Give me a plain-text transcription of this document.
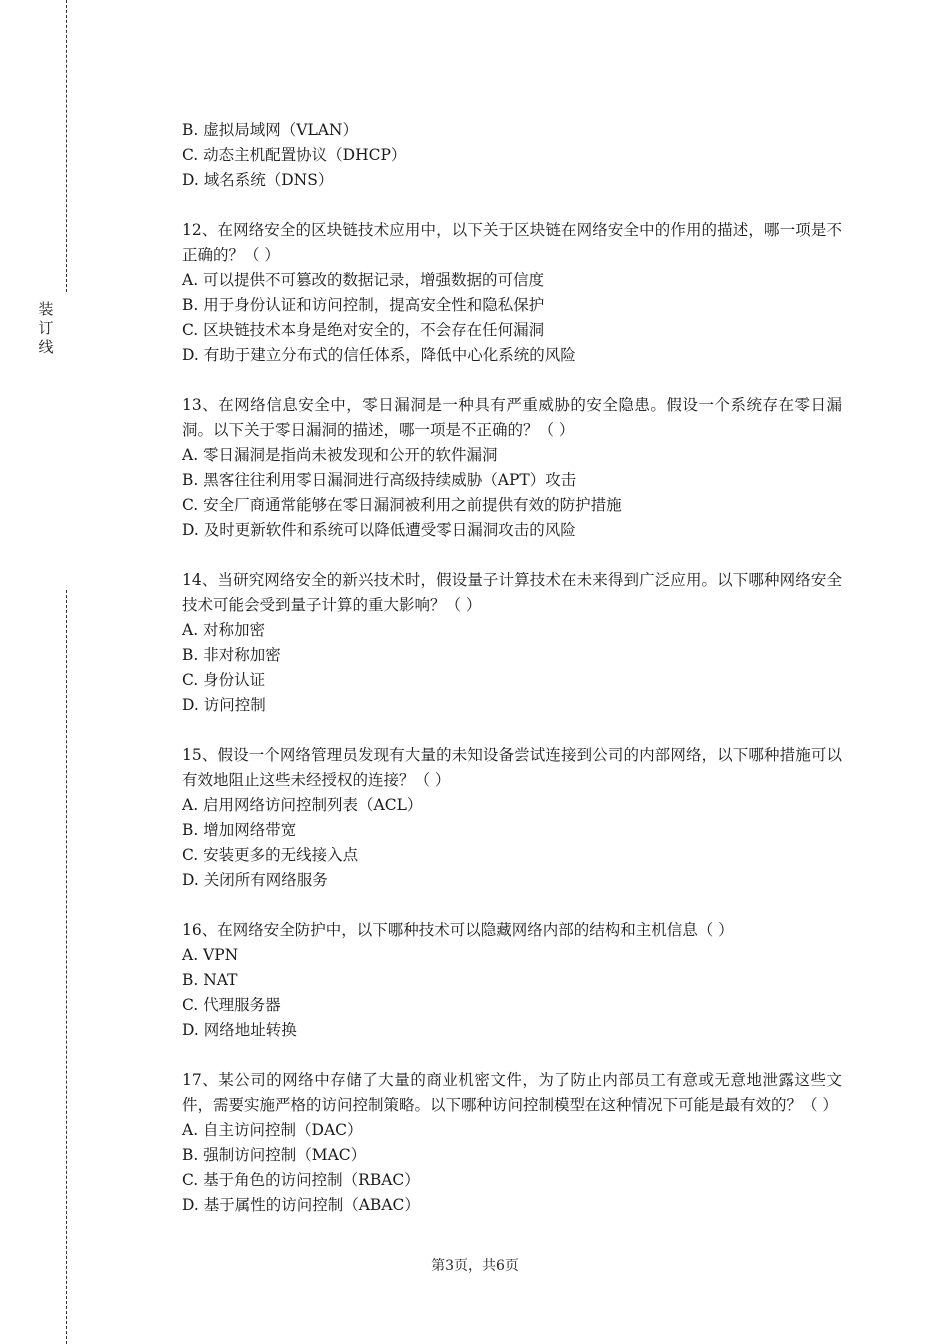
装
订
线

B. 虚拟局域网（VLAN）

C. 动态主机配置协议（DHCP）

D. 域名系统（DNS）

12、在网络安全的区块链技术应用中，以下关于区块链在网络安全中的作用的描述，哪一项是不正确的？（ ）

A. 可以提供不可篡改的数据记录，增强数据的可信度

B. 用于身份认证和访问控制，提高安全性和隐私保护

C. 区块链技术本身是绝对安全的，不会存在任何漏洞

D. 有助于建立分布式的信任体系，降低中心化系统的风险

13、在网络信息安全中，零日漏洞是一种具有严重威胁的安全隐患。假设一个系统存在零日漏洞。以下关于零日漏洞的描述，哪一项是不正确的？（ ）

A. 零日漏洞是指尚未被发现和公开的软件漏洞

B. 黑客往往利用零日漏洞进行高级持续威胁（APT）攻击

C. 安全厂商通常能够在零日漏洞被利用之前提供有效的防护措施

D. 及时更新软件和系统可以降低遭受零日漏洞攻击的风险

14、当研究网络安全的新兴技术时，假设量子计算技术在未来得到广泛应用。以下哪种网络安全技术可能会受到量子计算的重大影响？（ ）

A. 对称加密

B. 非对称加密

C. 身份认证

D. 访问控制

15、假设一个网络管理员发现有大量的未知设备尝试连接到公司的内部网络，以下哪种措施可以有效地阻止这些未经授权的连接？（ ）

A. 启用网络访问控制列表（ACL）

B. 增加网络带宽

C. 安装更多的无线接入点

D. 关闭所有网络服务

16、在网络安全防护中，以下哪种技术可以隐藏网络内部的结构和主机信息（ ）

A. VPN

B. NAT

C. 代理服务器

D. 网络地址转换

17、某公司的网络中存储了大量的商业机密文件，为了防止内部员工有意或无意地泄露这些文件，需要实施严格的访问控制策略。以下哪种访问控制模型在这种情况下可能是最有效的？（ ）

A. 自主访问控制（DAC）

B. 强制访问控制（MAC）

C. 基于角色的访问控制（RBAC）

D. 基于属性的访问控制（ABAC）

第3页，共6页
